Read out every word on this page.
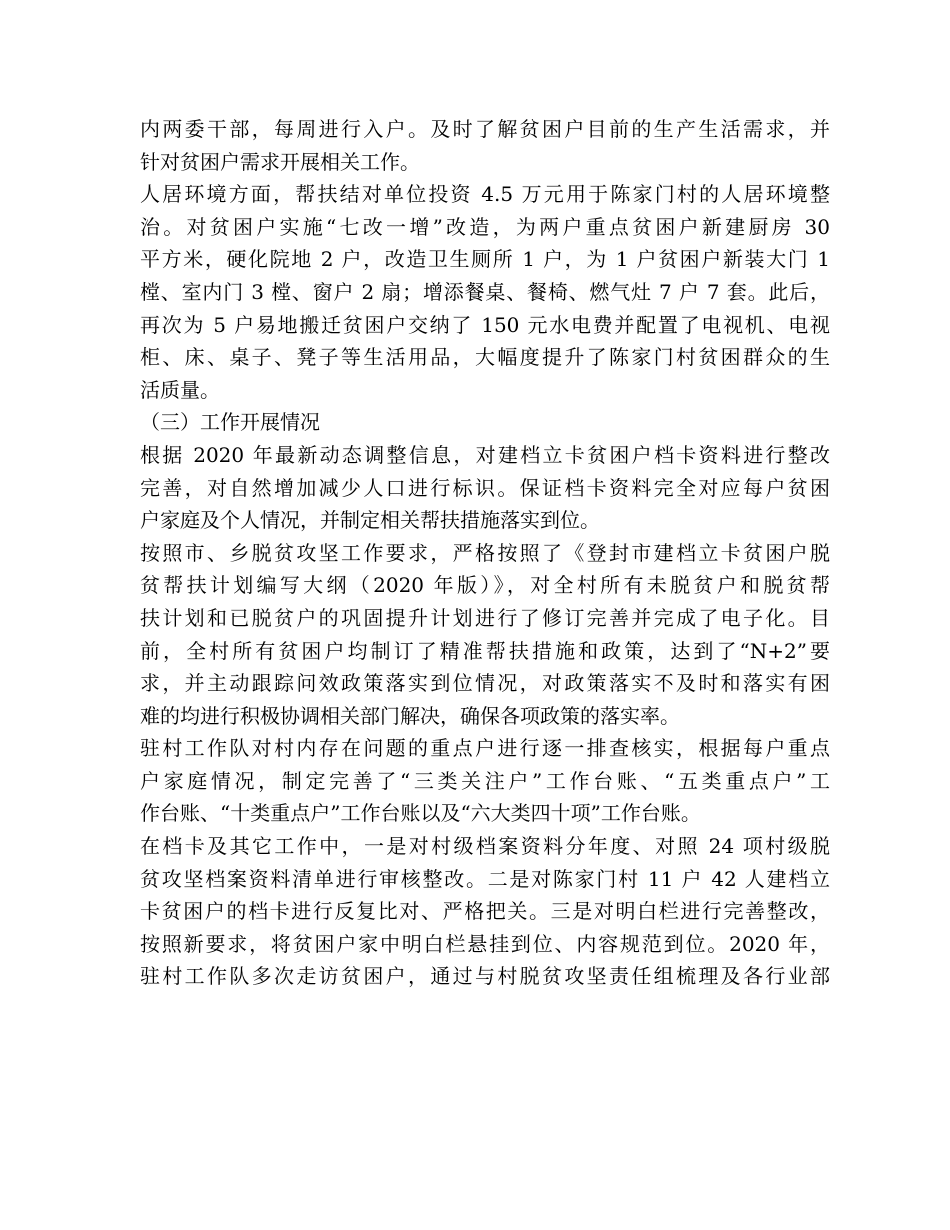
内两委干部，每周进行入户。及时了解贫困户目前的生产生活需求，并
针对贫困户需求开展相关工作。
人居环境方面，帮扶结对单位投资 4.5 万元用于陈家门村的人居环境整
治。对贫困户实施“七改一增”改造，为两户重点贫困户新建厨房 30
平方米，硬化院地 2 户，改造卫生厕所 1 户，为 1 户贫困户新装大门 1
樘、室内门 3 樘、窗户 2 扇；增添餐桌、餐椅、燃气灶 7 户 7 套。此后，
再次为 5 户易地搬迁贫困户交纳了 150 元水电费并配置了电视机、电视
柜、床、桌子、凳子等生活用品，大幅度提升了陈家门村贫困群众的生
活质量。
（三）工作开展情况
根据 2020 年最新动态调整信息，对建档立卡贫困户档卡资料进行整改
完善，对自然增加减少人口进行标识。保证档卡资料完全对应每户贫困
户家庭及个人情况，并制定相关帮扶措施落实到位。
按照市、乡脱贫攻坚工作要求，严格按照了《登封市建档立卡贫困户脱
贫帮扶计划编写大纲（2020 年版）》，对全村所有未脱贫户和脱贫帮
扶计划和已脱贫户的巩固提升计划进行了修订完善并完成了电子化。目
前，全村所有贫困户均制订了精准帮扶措施和政策，达到了“N+2”要
求，并主动跟踪问效政策落实到位情况，对政策落实不及时和落实有困
难的均进行积极协调相关部门解决，确保各项政策的落实率。
驻村工作队对村内存在问题的重点户进行逐一排查核实，根据每户重点
户家庭情况，制定完善了“三类关注户”工作台账、“五类重点户”工
作台账、“十类重点户”工作台账以及“六大类四十项”工作台账。
在档卡及其它工作中，一是对村级档案资料分年度、对照 24 项村级脱
贫攻坚档案资料清单进行审核整改。二是对陈家门村 11 户 42 人建档立
卡贫困户的档卡进行反复比对、严格把关。三是对明白栏进行完善整改，
按照新要求，将贫困户家中明白栏悬挂到位、内容规范到位。2020 年，
驻村工作队多次走访贫困户，通过与村脱贫攻坚责任组梳理及各行业部
